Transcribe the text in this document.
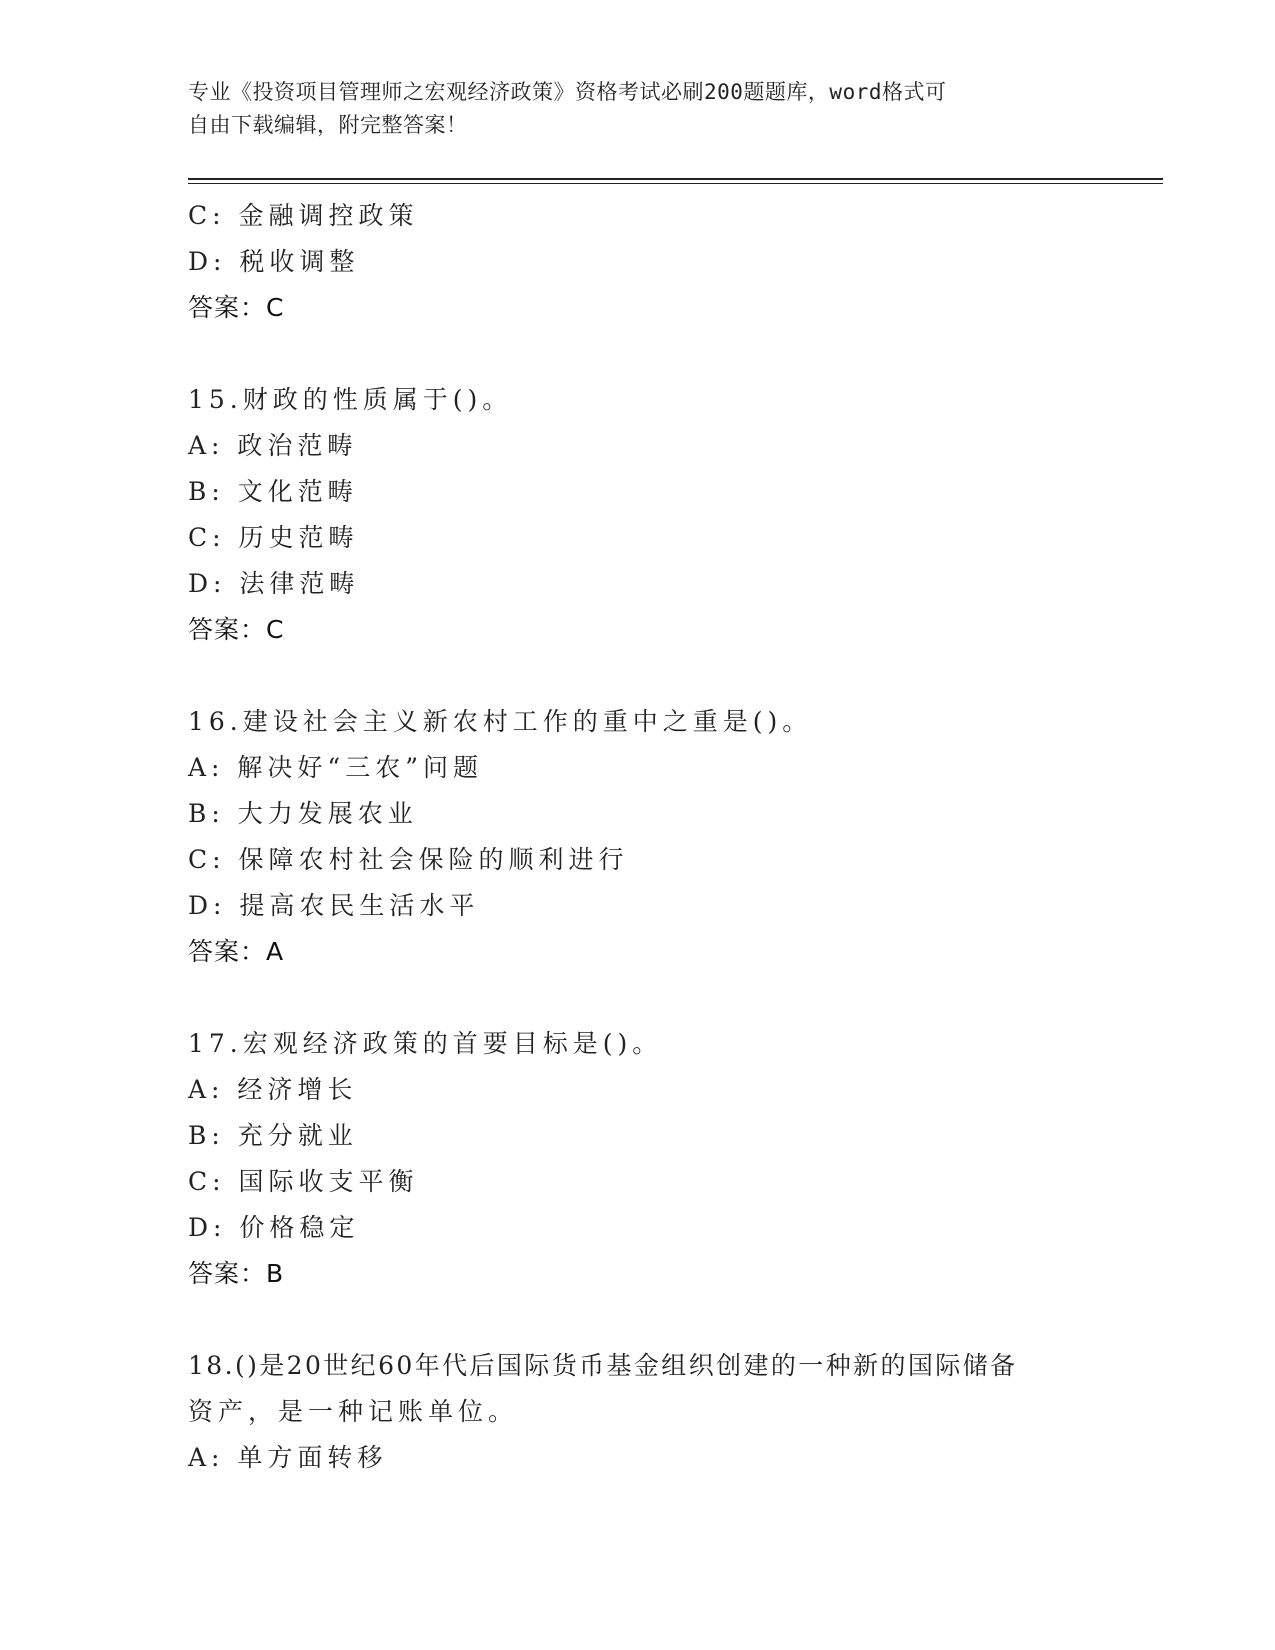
专业《投资项目管理师之宏观经济政策》资格考试必刷200题题库，word格式可
自由下载编辑，附完整答案！
C: 金融调控政策
D: 税收调整
答案：C
15.财政的性质属于()。
A: 政治范畴
B: 文化范畴
C: 历史范畴
D: 法律范畴
答案：C
16.建设社会主义新农村工作的重中之重是()。
A: 解决好“三农”问题
B: 大力发展农业
C: 保障农村社会保险的顺利进行
D: 提高农民生活水平
答案：A
17.宏观经济政策的首要目标是()。
A: 经济增长
B: 充分就业
C: 国际收支平衡
D: 价格稳定
答案：B
18.()是20世纪60年代后国际货币基金组织创建的一种新的国际储备
资产，是一种记账单位。
A: 单方面转移
